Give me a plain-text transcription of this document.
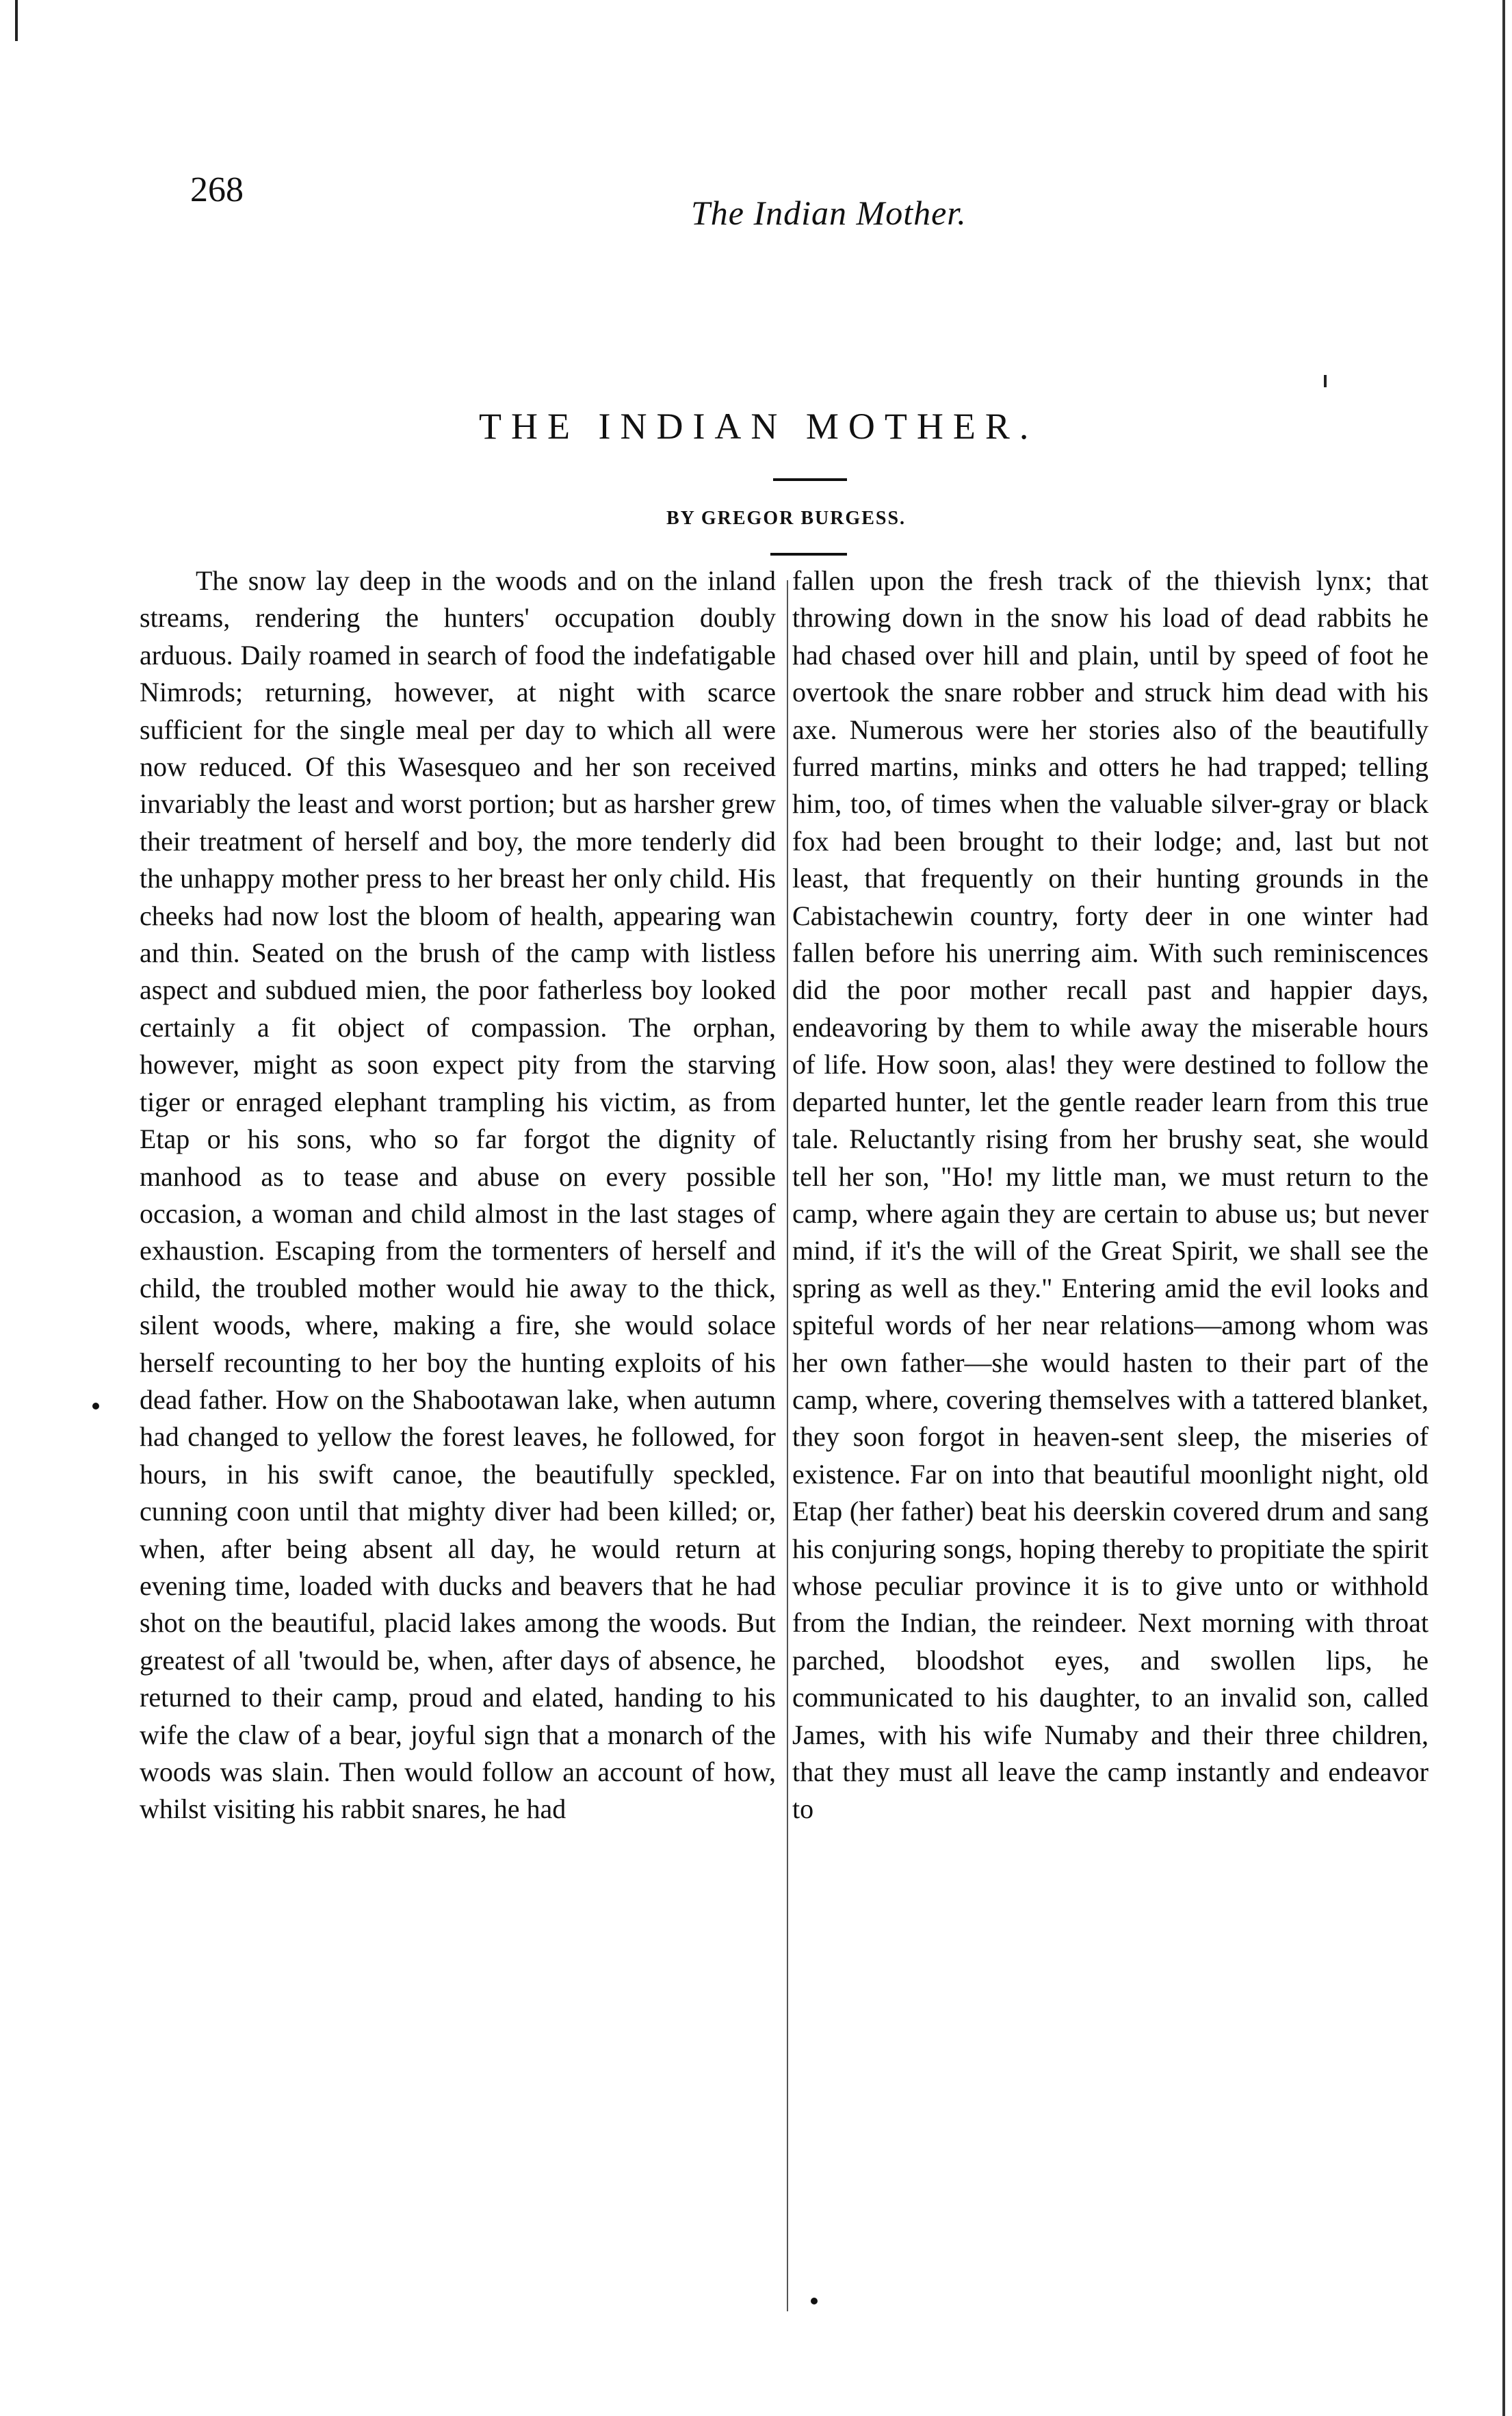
268
The Indian Mother.
THE INDIAN MOTHER.
BY GREGOR BURGESS.
The snow lay deep in the woods and on the inland streams, rendering the hunters' occupation doubly arduous. Daily roamed in search of food the indefatigable Nimrods; returning, however, at night with scarce sufficient for the single meal per day to which all were now reduced. Of this Wasesqueo and her son received invariably the least and worst portion; but as harsher grew their treatment of herself and boy, the more tenderly did the unhappy mother press to her breast her only child. His cheeks had now lost the bloom of health, appearing wan and thin. Seated on the brush of the camp with listless aspect and subdued mien, the poor fatherless boy looked certainly a fit object of compassion. The orphan, however, might as soon expect pity from the starving tiger or enraged elephant trampling his victim, as from Etap or his sons, who so far forgot the dignity of manhood as to tease and abuse on every possible occasion, a woman and child almost in the last stages of exhaustion. Escaping from the tormenters of herself and child, the troubled mother would hie away to the thick, silent woods, where, making a fire, she would solace herself recounting to her boy the hunting exploits of his dead father. How on the Shabootawan lake, when autumn had changed to yellow the forest leaves, he followed, for hours, in his swift canoe, the beautifully speckled, cunning coon until that mighty diver had been killed; or, when, after being absent all day, he would return at evening time, loaded with ducks and beavers that he had shot on the beautiful, placid lakes among the woods. But greatest of all 'twould be, when, after days of absence, he returned to their camp, proud and elated, handing to his wife the claw of a bear, joyful sign that a monarch of the woods was slain. Then would follow an account of how, whilst visiting his rabbit snares, he had
fallen upon the fresh track of the thievish lynx; that throwing down in the snow his load of dead rabbits he had chased over hill and plain, until by speed of foot he overtook the snare robber and struck him dead with his axe. Numerous were her stories also of the beautifully furred martins, minks and otters he had trapped; telling him, too, of times when the valuable silver-gray or black fox had been brought to their lodge; and, last but not least, that frequently on their hunting grounds in the Cabistachewin country, forty deer in one winter had fallen before his unerring aim. With such reminiscences did the poor mother recall past and happier days, endeavoring by them to while away the miserable hours of life. How soon, alas! they were destined to follow the departed hunter, let the gentle reader learn from this true tale. Reluctantly rising from her brushy seat, she would tell her son, "Ho! my little man, we must return to the camp, where again they are certain to abuse us; but never mind, if it's the will of the Great Spirit, we shall see the spring as well as they." Entering amid the evil looks and spiteful words of her near relations—among whom was her own father—she would hasten to their part of the camp, where, covering themselves with a tattered blanket, they soon forgot in heaven-sent sleep, the miseries of existence. Far on into that beautiful moonlight night, old Etap (her father) beat his deerskin covered drum and sang his conjuring songs, hoping thereby to propitiate the spirit whose peculiar province it is to give unto or withhold from the Indian, the reindeer. Next morning with throat parched, bloodshot eyes, and swollen lips, he communicated to his daughter, to an invalid son, called James, with his wife Numaby and their three children, that they must all leave the camp instantly and endeavor to
